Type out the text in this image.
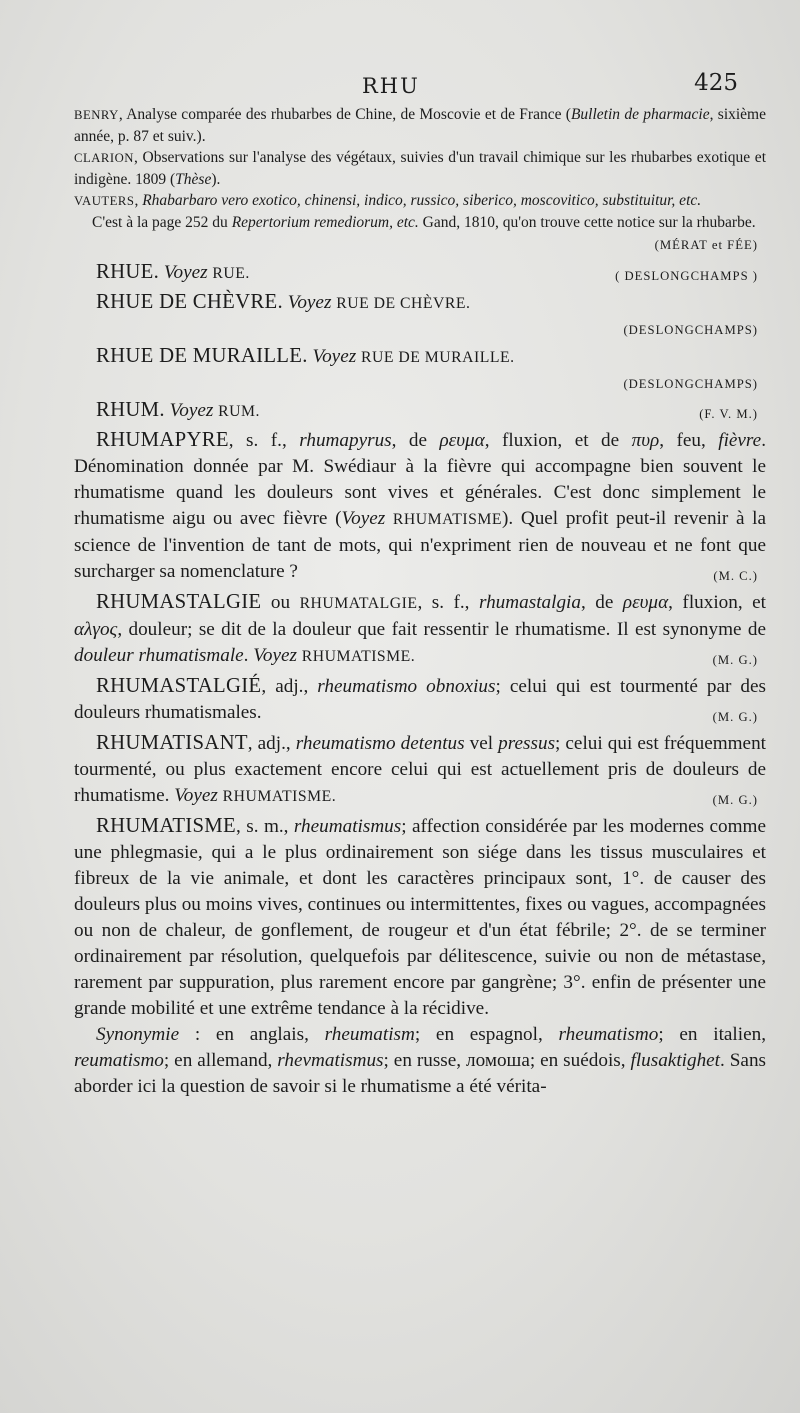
RHU	425

BENRY, Analyse comparée des rhubarbes de Chine, de Moscovie et de France (Bulletin de pharmacie, sixième année, p. 87 et suiv.).

CLARION, Observations sur l'analyse des végétaux, suivies d'un travail chimique sur les rhubarbes exotique et indigène. 1809 (Thèse).

VAUTERS, Rhabarbaro vero exotico, chinensi, indico, russico, siberico, moscovitico, substituitur, etc.

C'est à la page 252 du Repertorium remediorum, etc. Gand, 1810, qu'on trouve cette notice sur la rhubarbe.
(MÉRAT et FÉE)

RHUE. Voyez RUE.	( DESLONGCHAMPS )

RHUE DE CHÈVRE. Voyez RUE DE CHÈVRE.

(DESLONGCHAMPS)

RHUE DE MURAILLE. Voyez RUE DE MURAILLE.

(DESLONGCHAMPS)

RHUM. Voyez RUM.	(F. V. M.)

RHUMAPYRE, s. f., rhumapyrus, de ρευμα, fluxion, et de πυρ, feu, fièvre. Dénomination donnée par M. Swédiaur à la fièvre qui accompagne bien souvent le rhumatisme quand les douleurs sont vives et générales. C'est donc simplement le rhumatisme aigu ou avec fièvre (Voyez RHUMATISME). Quel profit peut-il revenir à la science de l'invention de tant de mots, qui n'expriment rien de nouveau et ne font que surcharger sa nomenclature ?	(M. C.)

RHUMASTALGIE ou RHUMATALGIE, s. f., rhumastalgia, de ρευμα, fluxion, et αλγος, douleur; se dit de la douleur que fait ressentir le rhumatisme. Il est synonyme de douleur rhumatismale. Voyez RHUMATISME.	(M. G.)

RHUMASTALGIÉ, adj., rheumatismo obnoxius; celui qui est tourmenté par des douleurs rhumatismales.	(M. G.)

RHUMATISANT, adj., rheumatismo detentus vel pressus; celui qui est fréquemment tourmenté, ou plus exactement encore celui qui est actuellement pris de douleurs de rhumatisme. Voyez RHUMATISME.	(M. G.)

RHUMATISME, s. m., rheumatismus; affection considérée par les modernes comme une phlegmasie, qui a le plus ordinairement son siége dans les tissus musculaires et fibreux de la vie animale, et dont les caractères principaux sont, 1°. de causer des douleurs plus ou moins vives, continues ou intermittentes, fixes ou vagues, accompagnées ou non de chaleur, de gonflement, de rougeur et d'un état fébrile; 2°. de se terminer ordinairement par résolution, quelquefois par délitescence, suivie ou non de métastase, rarement par suppuration, plus rarement encore par gangrène; 3°. enfin de présenter une grande mobilité et une extrême tendance à la récidive.

Synonymie : en anglais, rheumatism; en espagnol, rheumatismo; en italien, reumatismo; en allemand, rhevmatismus; en russe, ломоша; en suédois, flusaktighet. Sans aborder ici la question de savoir si le rhumatisme a été vérita-
